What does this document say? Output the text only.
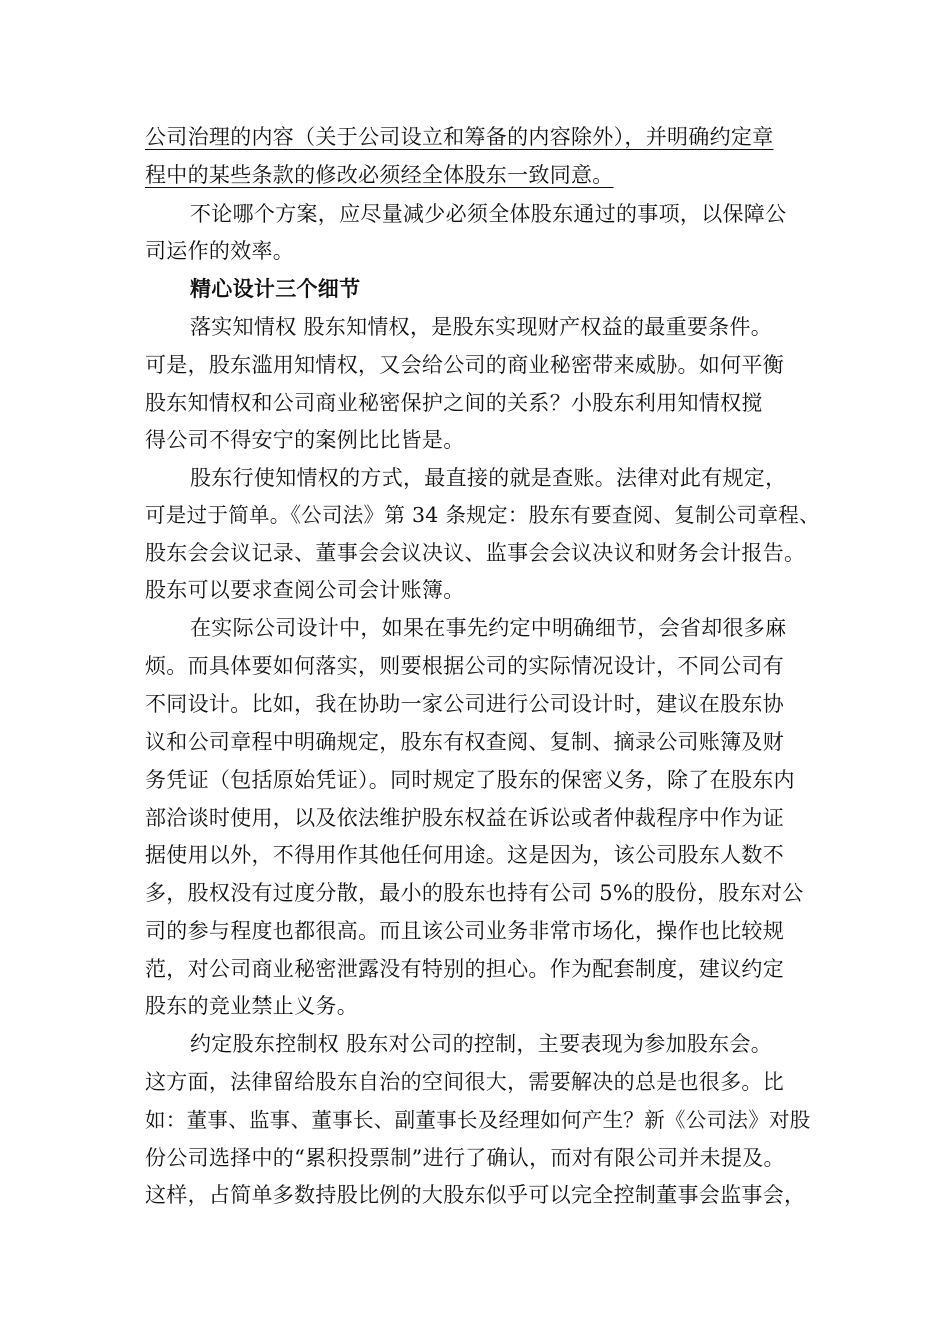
公司治理的内容（关于公司设立和筹备的内容除外），并明确约定章
程中的某些条款的修改必须经全体股东一致同意。
不论哪个方案，应尽量减少必须全体股东通过的事项，以保障公
司运作的效率。
精心设计三个细节
落实知情权 股东知情权，是股东实现财产权益的最重要条件。
可是，股东滥用知情权，又会给公司的商业秘密带来威胁。如何平衡
股东知情权和公司商业秘密保护之间的关系？小股东利用知情权搅
得公司不得安宁的案例比比皆是。
股东行使知情权的方式，最直接的就是查账。法律对此有规定，
可是过于简单。《公司法》第 34 条规定：股东有要查阅、复制公司章程、
股东会会议记录、董事会会议决议、监事会会议决议和财务会计报告。
股东可以要求查阅公司会计账簿。
在实际公司设计中，如果在事先约定中明确细节，会省却很多麻
烦。而具体要如何落实，则要根据公司的实际情况设计，不同公司有
不同设计。比如，我在协助一家公司进行公司设计时，建议在股东协
议和公司章程中明确规定，股东有权查阅、复制、摘录公司账簿及财
务凭证（包括原始凭证）。同时规定了股东的保密义务，除了在股东内
部洽谈时使用，以及依法维护股东权益在诉讼或者仲裁程序中作为证
据使用以外，不得用作其他任何用途。这是因为，该公司股东人数不
多，股权没有过度分散，最小的股东也持有公司 5%的股份，股东对公
司的参与程度也都很高。而且该公司业务非常市场化，操作也比较规
范，对公司商业秘密泄露没有特别的担心。作为配套制度，建议约定
股东的竞业禁止义务。
约定股东控制权 股东对公司的控制，主要表现为参加股东会。
这方面，法律留给股东自治的空间很大，需要解决的总是也很多。比
如：董事、监事、董事长、副董事长及经理如何产生？新《公司法》对股
份公司选择中的“累积投票制”进行了确认，而对有限公司并未提及。
这样，占简单多数持股比例的大股东似乎可以完全控制董事会监事会，
